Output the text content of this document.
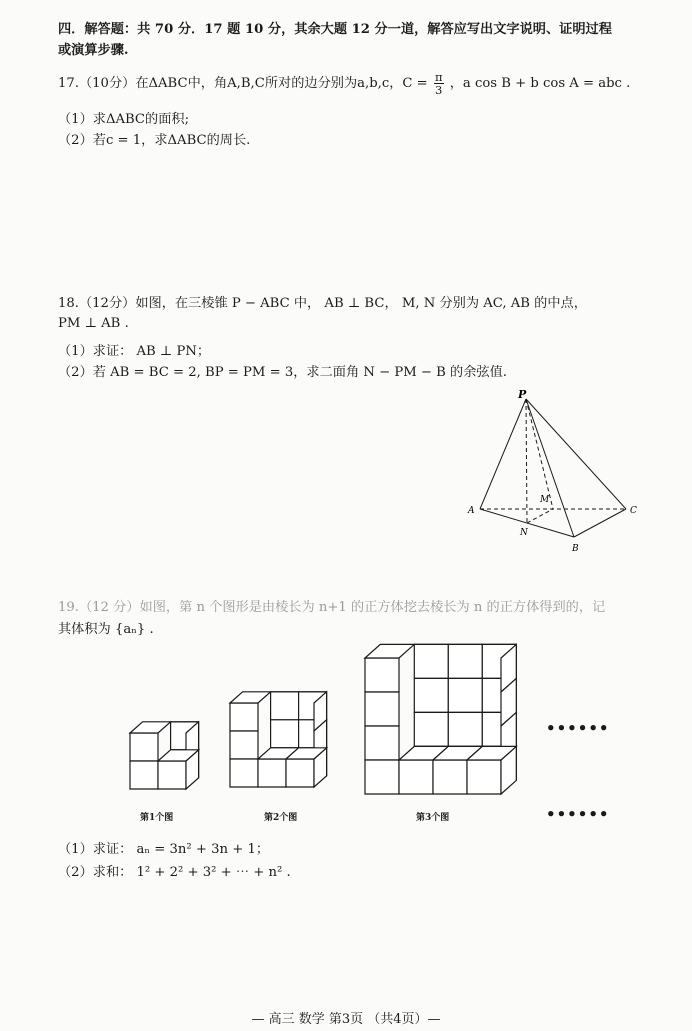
四．解答题：共 70 分．17 题 10 分，其余大题 12 分一道，解答应写出文字说明、证明过程
或演算步骤.
17.（10分）在ΔABC中，角A,B,C所对的边分别为a,b,c，$C = \frac{\pi}{3}$ ，a cos B + b cos A = abc .
（1）求ΔABC的面积;
（2）若c = 1，求ΔABC的周长.
18.（12分）如图，在三棱锥 P − ABC 中， AB ⊥ BC， M, N 分别为 AC, AB 的中点，
PM ⊥ AB .
（1）求证： AB ⊥ PN；
（2）若 AB = BC = 2, BP = PM = 3，求二面角 N − PM − B 的余弦值.
P
A	C
M
N
B
19.（12 分）如图，第 n 个图形是由棱长为 n+1 的正方体挖去棱长为 n 的正方体得到的，记
其体积为 {aₙ} .
第1个图	第2个图	第3个图
••••••
••••••
（1）求证： aₙ = 3n² + 3n + 1；
（2）求和： 1² + 2² + 3² + ⋯ + n² .
— 高三 数学 第3页 （共4页）—
